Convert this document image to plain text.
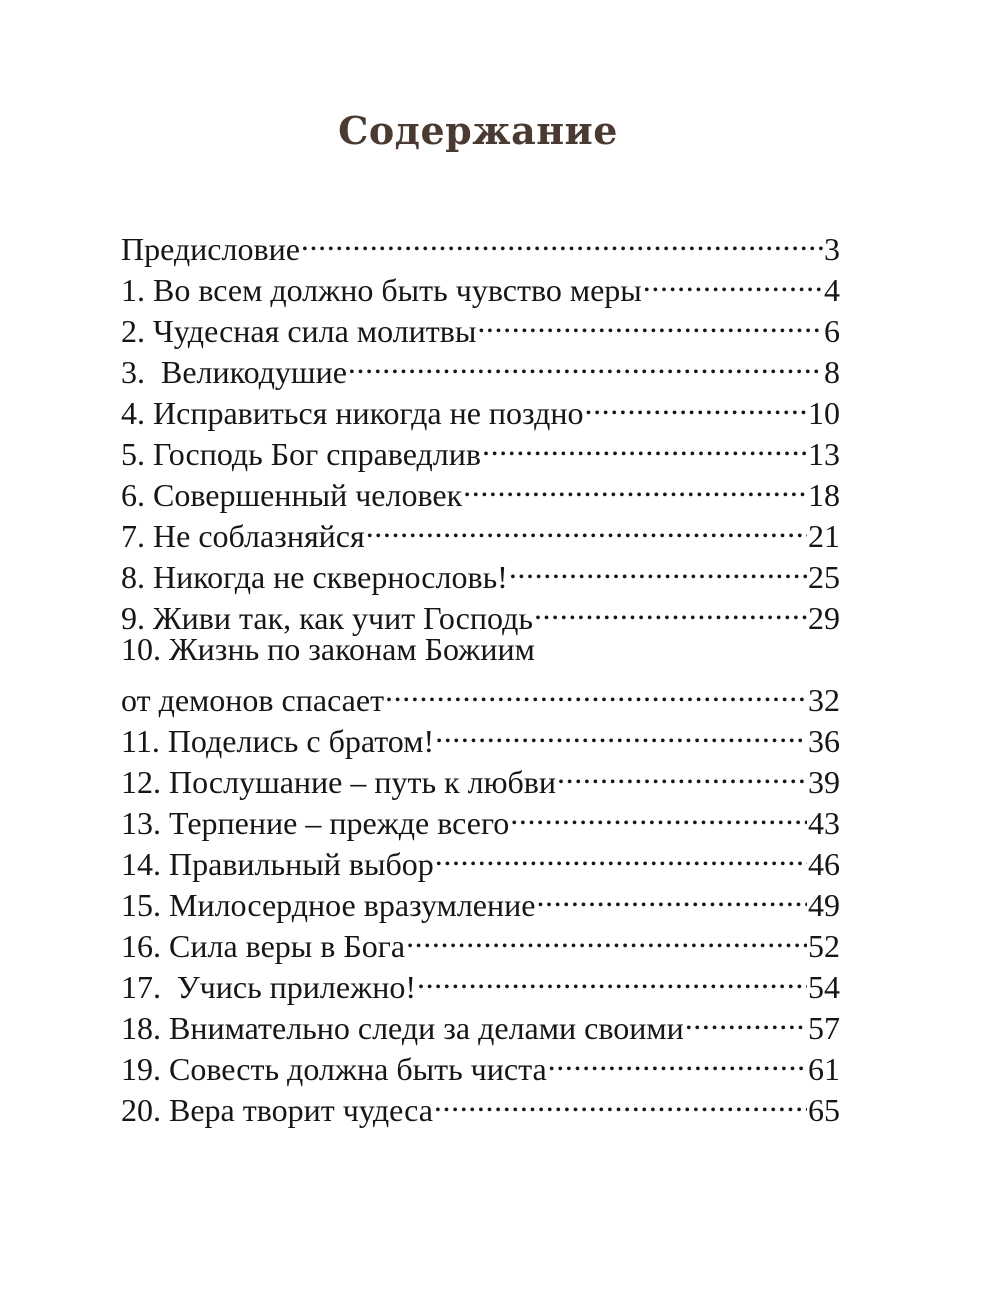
Содержание
Предисловие .....	3
1. Во всем должно быть чувство меры .....	4
2. Чудесная сила молитвы .....	6
3.  Великодушие .....	8
4. Исправиться никогда не поздно .....	10
5. Господь Бог справедлив .....	13
6. Совершенный человек .....	18
7. Не соблазняйся .....	21
8. Никогда не сквернословь! .....	25
9. Живи так, как учит Господь .....	29
10. Жизнь по законам Божиим
от демонов спасает .....	32
11. Поделись с братом! .....	36
12. Послушание – путь к любви .....	39
13. Терпение – прежде всего .....	43
14. Правильный выбор .....	46
15. Милосердное вразумление .....	49
16. Сила веры в Бога .....	52
17.  Учись прилежно! .....	54
18. Внимательно следи за делами своими .....	57
19. Совесть должна быть чиста .....	61
20. Вера творит чудеса .....	65
